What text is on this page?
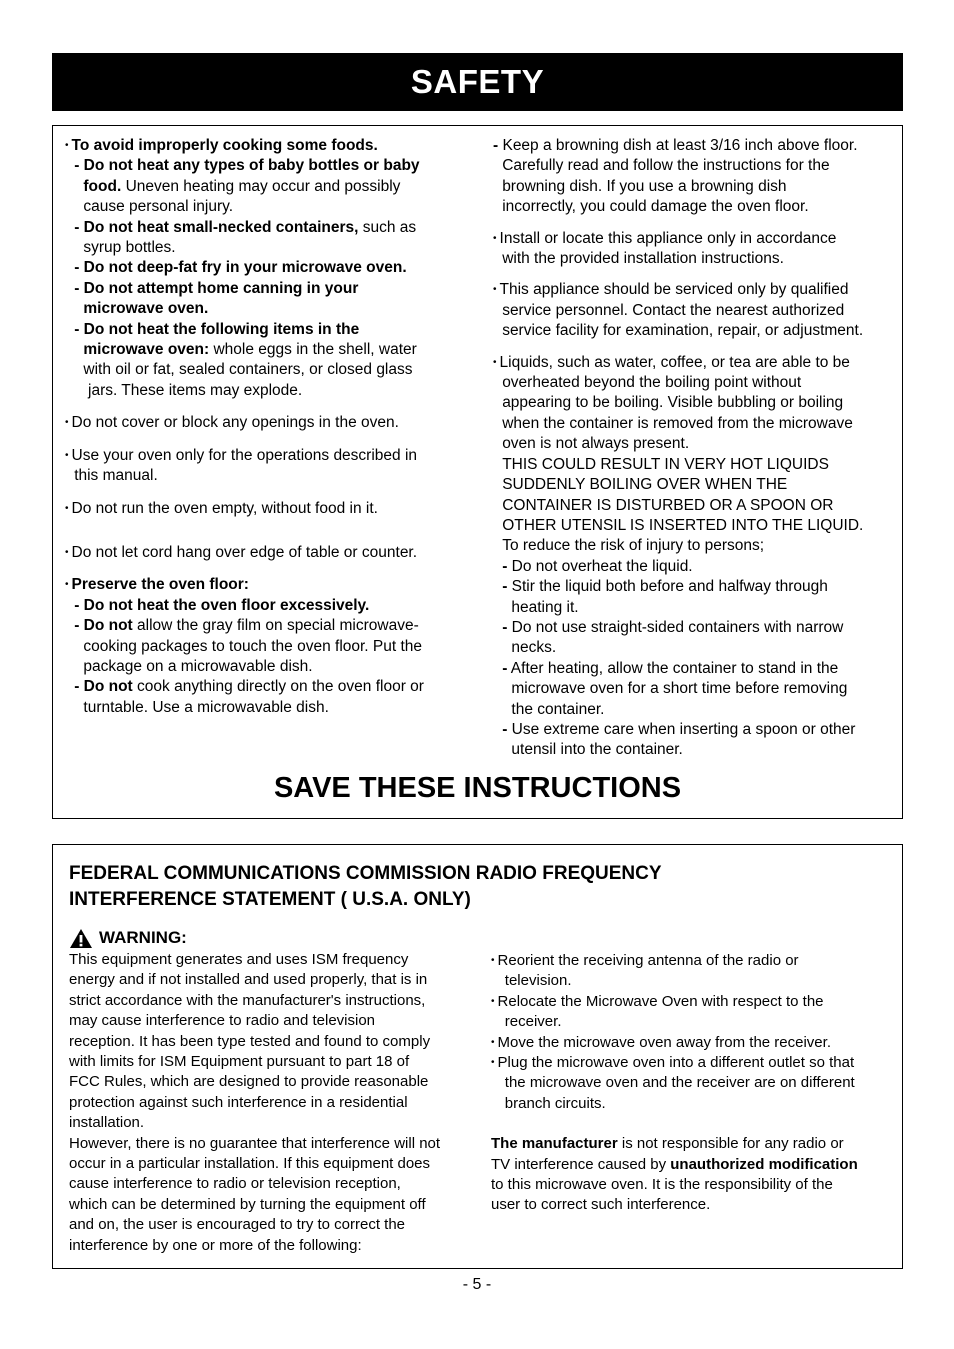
SAFETY
• To avoid improperly cooking some foods.
- Do not heat any types of baby bottles or baby
food. Uneven heating may occur and possibly
cause personal injury.
- Do not heat small-necked containers, such as
syrup bottles.
- Do not deep-fat fry in your microwave oven.
- Do not attempt home canning in your
microwave oven.
- Do not heat the following items in the
microwave oven: whole eggs in the shell, water
with oil or fat, sealed containers, or closed glass
jars. These items may explode.
• Do not cover or block any openings in the oven.
• Use your oven only for the operations described in
this manual.
• Do not run the oven empty, without food in it.
• Do not let cord hang over edge of table or counter.
• Preserve the oven floor:
- Do not heat the oven floor excessively.
- Do not allow the gray film on special microwave-
cooking packages to touch the oven floor. Put the
package on a microwavable dish.
- Do not cook anything directly on the oven floor or
turntable. Use a microwavable dish.
- Keep a browning dish at least 3/16 inch above floor.
Carefully read and follow the instructions for the
browning dish. If you use a browning dish
incorrectly, you could damage the oven floor.
• Install or locate this appliance only in accordance
with the provided installation instructions.
• This appliance should be serviced only by qualified
service personnel. Contact the nearest authorized
service facility for examination, repair, or adjustment.
• Liquids, such as water, coffee, or tea are able to be
overheated beyond the boiling point without
appearing to be boiling. Visible bubbling or boiling
when the container is removed from the microwave
oven is not always present.
THIS COULD RESULT IN VERY HOT LIQUIDS
SUDDENLY BOILING OVER WHEN THE
CONTAINER IS DISTURBED OR A SPOON OR
OTHER UTENSIL IS INSERTED INTO THE LIQUID.
To reduce the risk of injury to persons;
- Do not overheat the liquid.
- Stir the liquid both before and halfway through
heating it.
- Do not use straight-sided containers with narrow
necks.
- After heating, allow the container to stand in the
microwave oven for a short time before removing
the container.
- Use extreme care when inserting a spoon or other
utensil into the container.
SAVE THESE INSTRUCTIONS
FEDERAL COMMUNICATIONS COMMISSION RADIO FREQUENCY
INTERFERENCE STATEMENT ( U.S.A. ONLY)
WARNING:
This equipment generates and uses ISM frequency
energy and if not installed and used properly, that is in
strict accordance with the manufacturer's instructions,
may cause interference to radio and television
reception. It has been type tested and found to comply
with limits for ISM Equipment pursuant to part 18 of
FCC Rules, which are designed to provide reasonable
protection against such interference in a residential
installation.
However, there is no guarantee that interference will not
occur in a particular installation. If this equipment does
cause interference to radio or television reception,
which can be determined by turning the equipment off
and on, the user is encouraged to try to correct the
interference by one or more of the following:
• Reorient the receiving antenna of the radio or
television.
• Relocate the Microwave Oven with respect to the
receiver.
• Move the microwave oven away from the receiver.
• Plug the microwave oven into a different outlet so that
the microwave oven and the receiver are on different
branch circuits.
The manufacturer is not responsible for any radio or
TV interference caused by unauthorized modification
to this microwave oven. It is the responsibility of the
user to correct such interference.
- 5 -
